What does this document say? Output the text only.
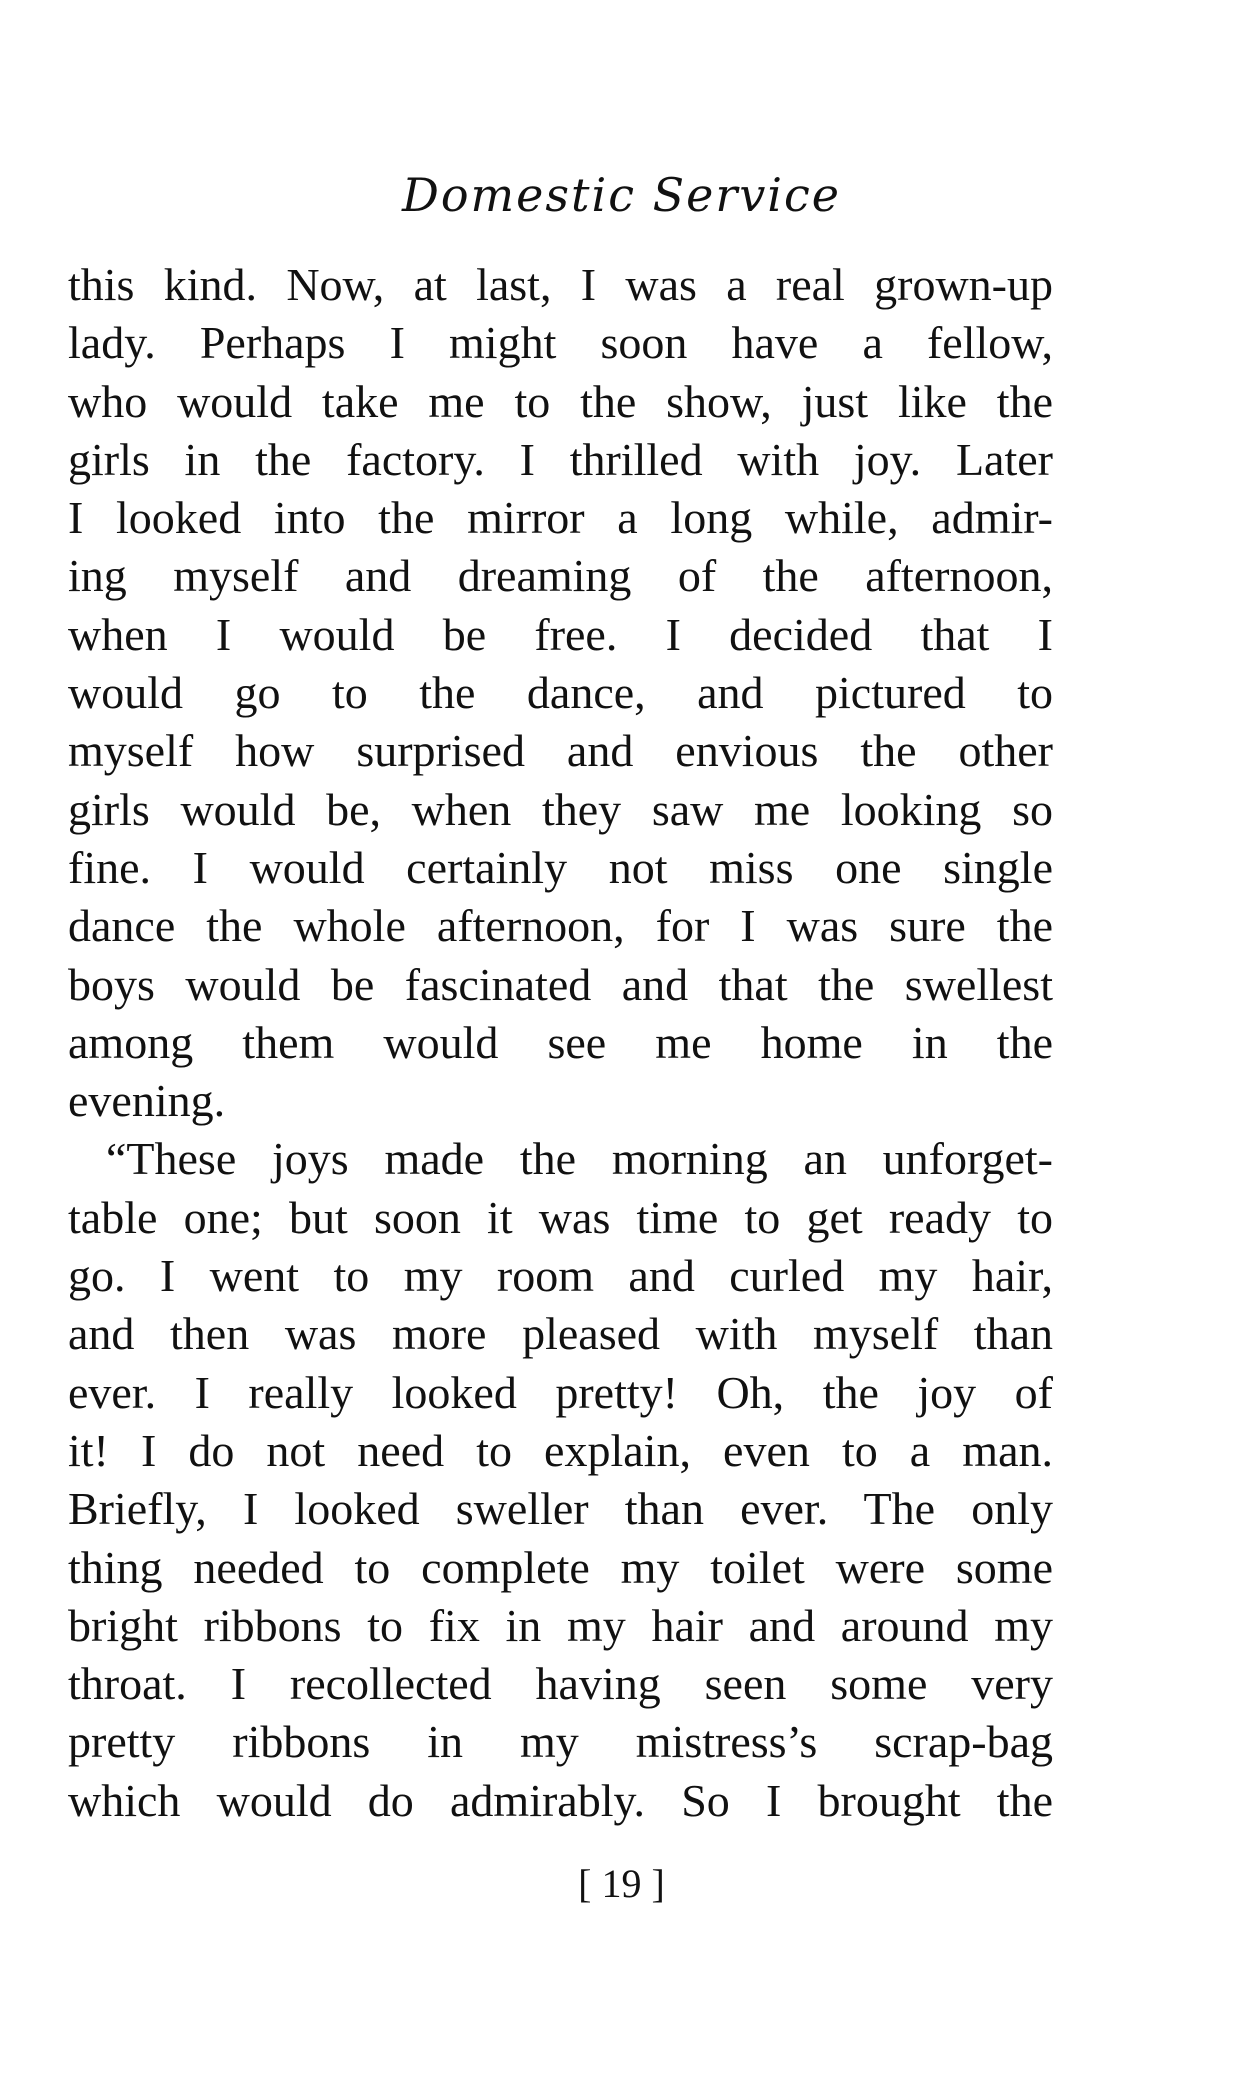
Domestic Service
this kind. Now, at last, I was a real grown-up
lady. Perhaps I might soon have a fellow,
who would take me to the show, just like the
girls in the factory. I thrilled with joy. Later
I looked into the mirror a long while, admir-
ing myself and dreaming of the afternoon,
when I would be free. I decided that I
would go to the dance, and pictured to
myself how surprised and envious the other
girls would be, when they saw me looking so
fine. I would certainly not miss one single
dance the whole afternoon, for I was sure the
boys would be fascinated and that the swellest
among them would see me home in the
evening.
“These joys made the morning an unforget-
table one; but soon it was time to get ready to
go. I went to my room and curled my hair,
and then was more pleased with myself than
ever. I really looked pretty! Oh, the joy of
it! I do not need to explain, even to a man.
Briefly, I looked sweller than ever. The only
thing needed to complete my toilet were some
bright ribbons to fix in my hair and around my
throat. I recollected having seen some very
pretty ribbons in my mistress’s scrap-bag
which would do admirably. So I brought the
[ 19 ]
